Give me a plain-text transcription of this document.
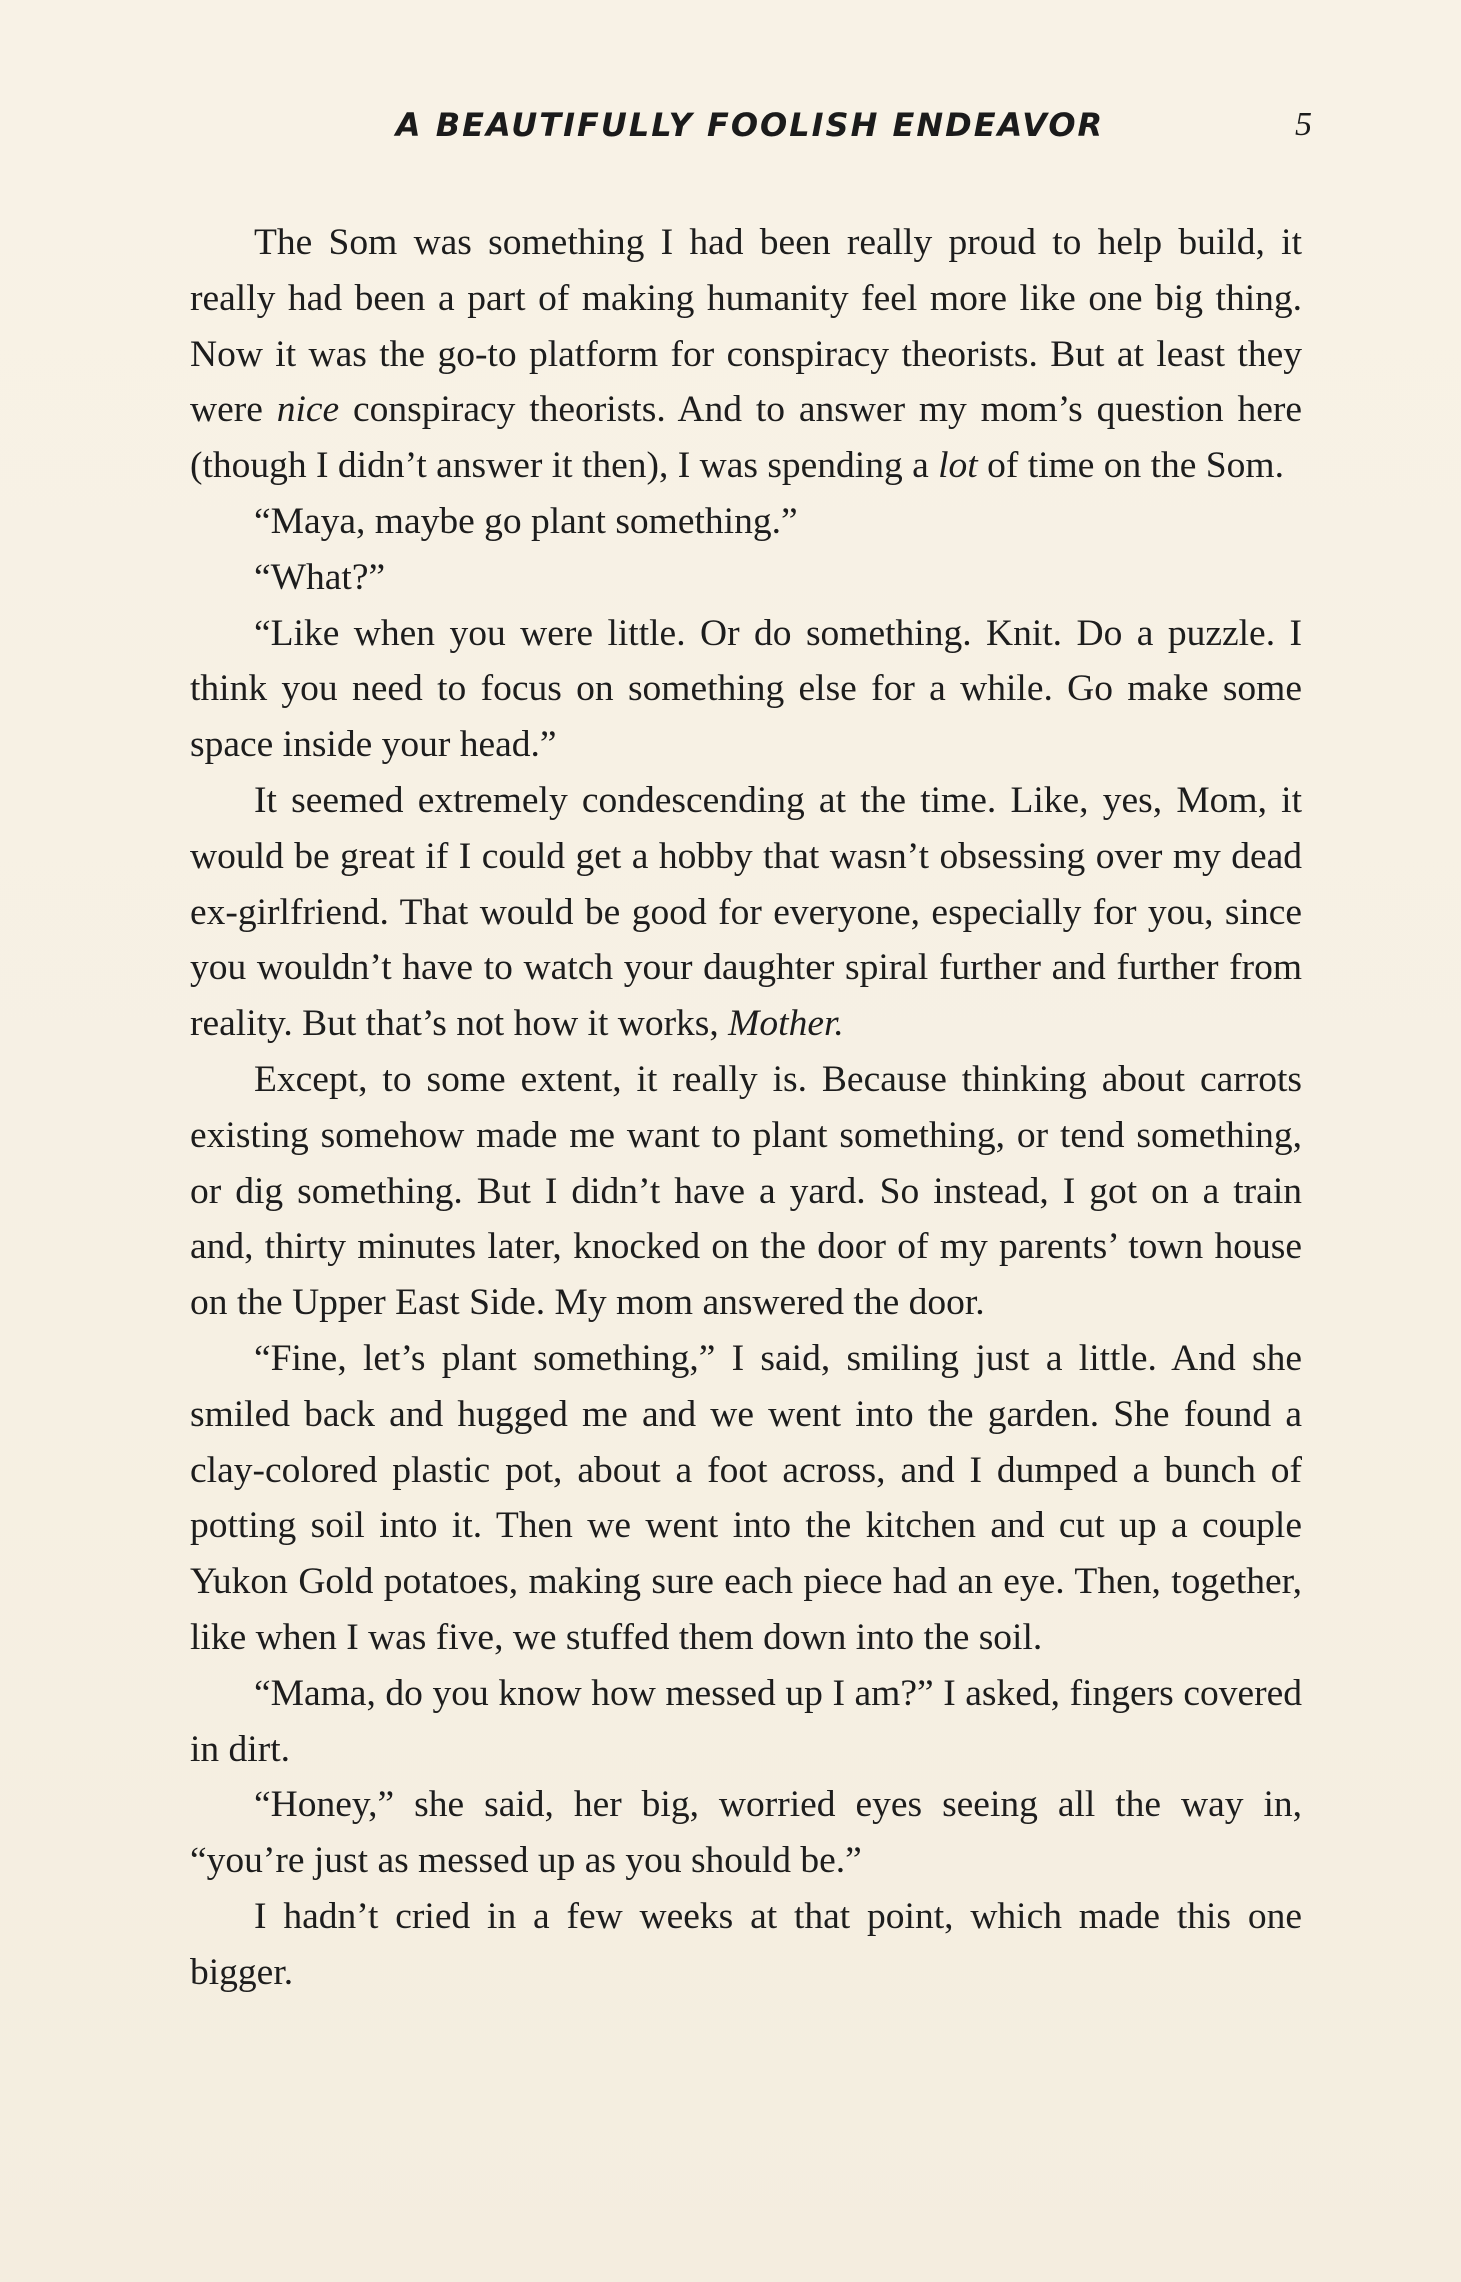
A BEAUTIFULLY FOOLISH ENDEAVOR	5

The Som was something I had been really proud to help build, it really had been a part of making humanity feel more like one big thing. Now it was the go-to platform for conspiracy theorists. But at least they were nice conspiracy theorists. And to answer my mom’s question here (though I didn’t answer it then), I was spending a lot of time on the Som.

“Maya, maybe go plant something.”

“What?”

“Like when you were little. Or do something. Knit. Do a puzzle. I think you need to focus on something else for a while. Go make some space inside your head.”

It seemed extremely condescending at the time. Like, yes, Mom, it would be great if I could get a hobby that wasn’t obsessing over my dead ex-girlfriend. That would be good for everyone, especially for you, since you wouldn’t have to watch your daughter spiral further and further from reality. But that’s not how it works, Mother.

Except, to some extent, it really is. Because thinking about carrots existing somehow made me want to plant something, or tend something, or dig something. But I didn’t have a yard. So instead, I got on a train and, thirty minutes later, knocked on the door of my parents’ town house on the Upper East Side. My mom answered the door.

“Fine, let’s plant something,” I said, smiling just a little. And she smiled back and hugged me and we went into the garden. She found a clay-colored plastic pot, about a foot across, and I dumped a bunch of potting soil into it. Then we went into the kitchen and cut up a couple Yukon Gold potatoes, making sure each piece had an eye. Then, together, like when I was five, we stuffed them down into the soil.

“Mama, do you know how messed up I am?” I asked, fingers covered in dirt.

“Honey,” she said, her big, worried eyes seeing all the way in, “you’re just as messed up as you should be.”

I hadn’t cried in a few weeks at that point, which made this one bigger.
